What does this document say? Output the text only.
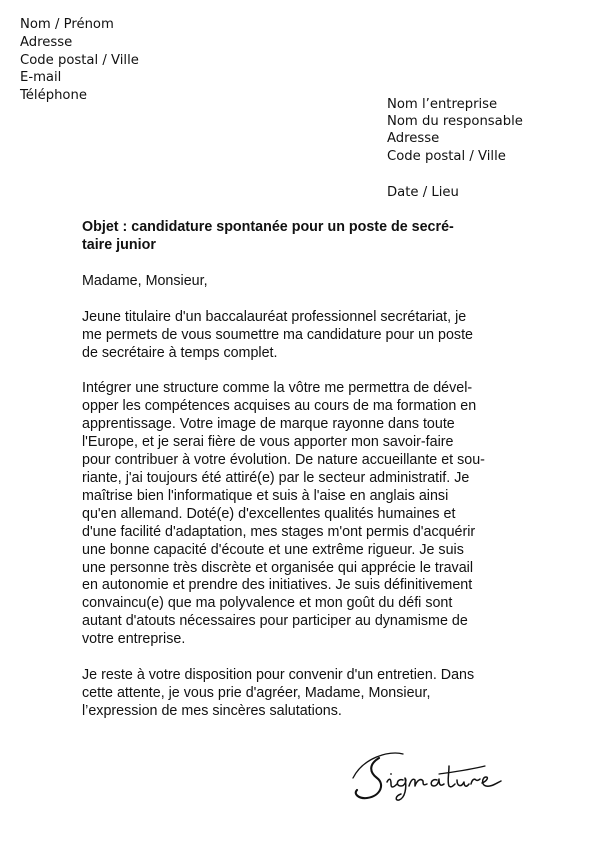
Nom / Prénom
Adresse
Code postal / Ville
E-mail
Téléphone
Nom l’entreprise
Nom du responsable
Adresse
Code postal / Ville
Date / Lieu

Objet : candidature spontanée pour un poste de secré-
taire junior

Madame, Monsieur,

Jeune titulaire d'un baccalauréat professionnel secrétariat, je
me permets de vous soumettre ma candidature pour un poste
de secrétaire à temps complet.

Intégrer une structure comme la vôtre me permettra de dével-
opper les compétences acquises au cours de ma formation en
apprentissage. Votre image de marque rayonne dans toute
l'Europe, et je serai fière de vous apporter mon savoir-faire
pour contribuer à votre évolution. De nature accueillante et sou-
riante, j'ai toujours été attiré(e) par le secteur administratif. Je
maîtrise bien l'informatique et suis à l'aise en anglais ainsi
qu'en allemand. Doté(e) d'excellentes qualités humaines et
d'une facilité d'adaptation, mes stages m'ont permis d'acquérir
une bonne capacité d'écoute et une extrême rigueur. Je suis
une personne très discrète et organisée qui apprécie le travail
en autonomie et prendre des initiatives. Je suis définitivement
convaincu(e) que ma polyvalence et mon goût du défi sont
autant d'atouts nécessaires pour participer au dynamisme de
votre entreprise.

Je reste à votre disposition pour convenir d'un entretien. Dans
cette attente, je vous prie d'agréer, Madame, Monsieur,
l’expression de mes sincères salutations.
